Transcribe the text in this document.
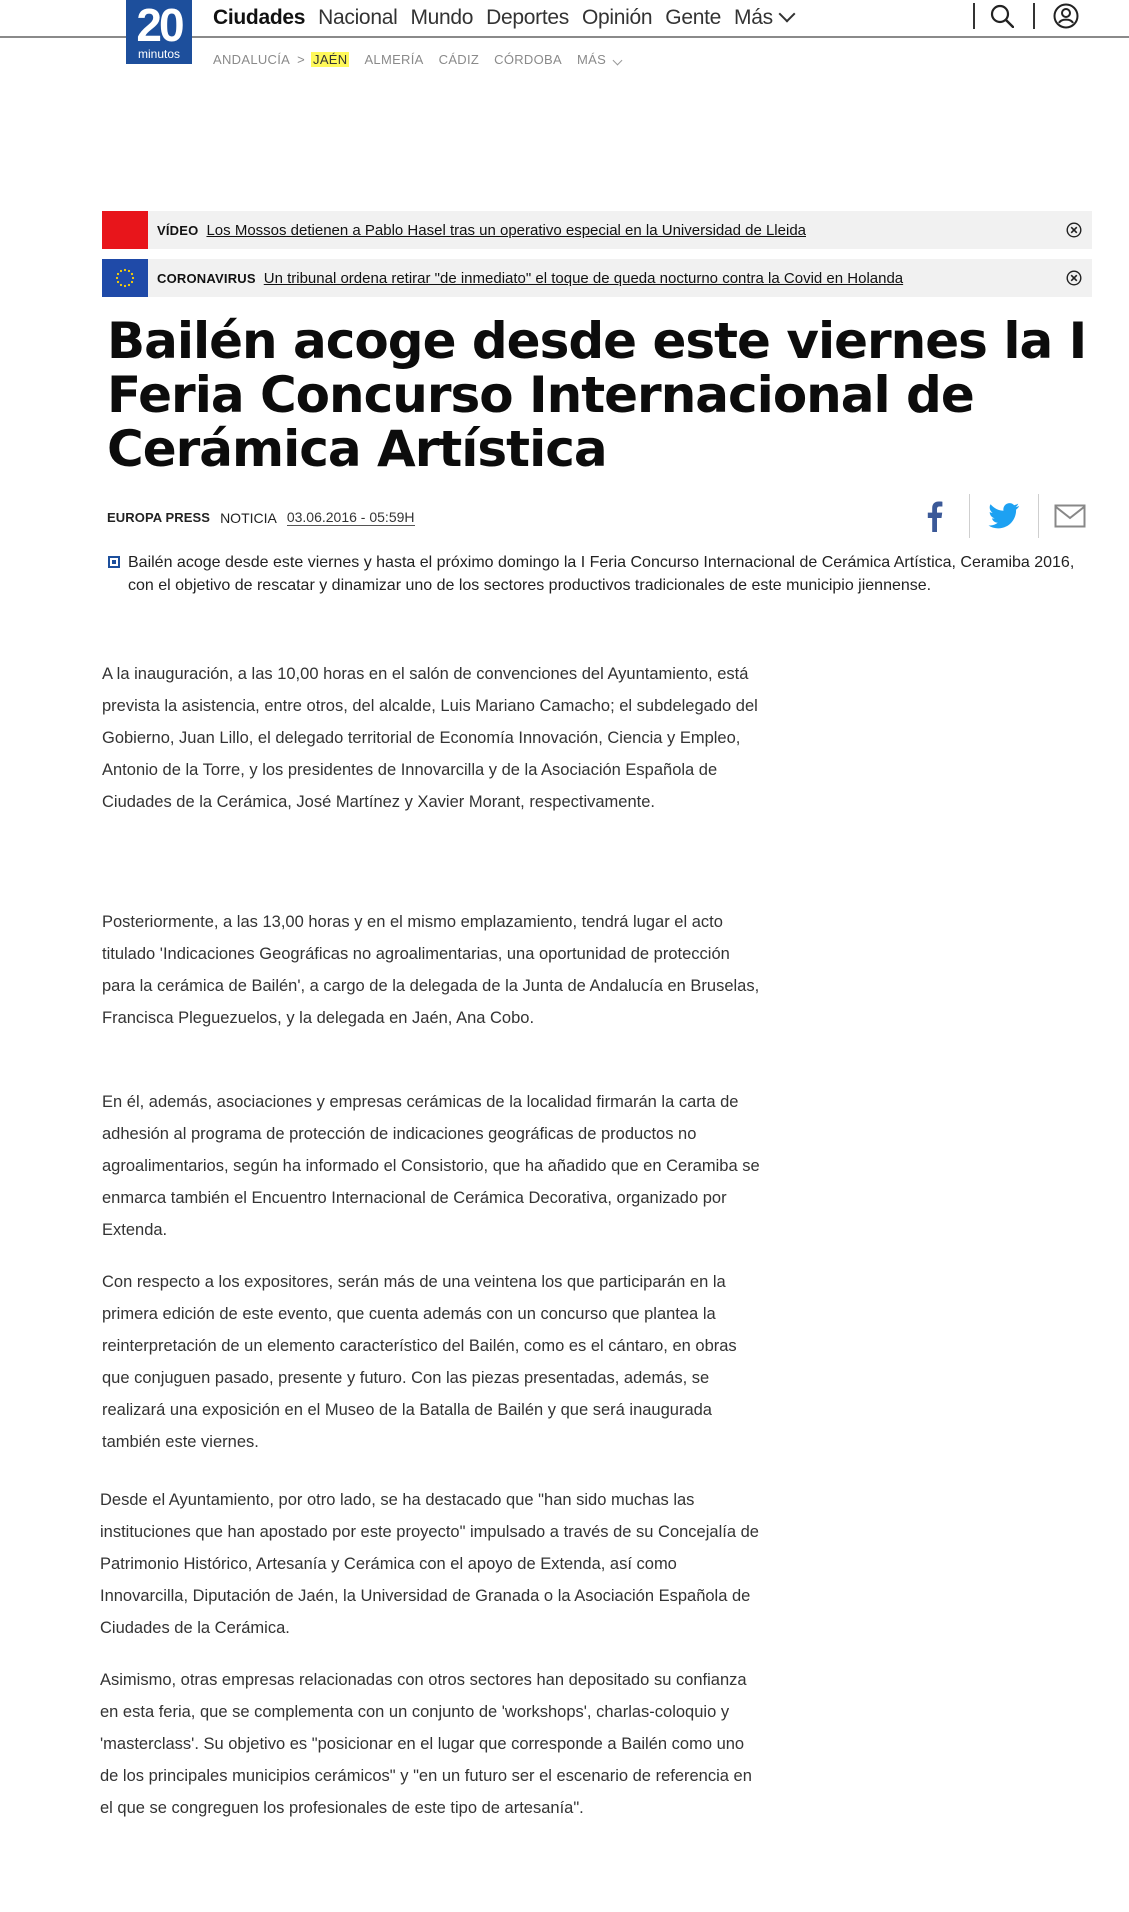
20
minutos
Ciudades Nacional Mundo Deportes Opinión Gente Más
ANDALUCÍA > JAÉN ALMERÍA CÁDIZ CÓRDOBA MÁS
VÍDEO Los Mossos detienen a Pablo Hasel tras un operativo especial en la Universidad de Lleida
CORONAVIRUS Un tribunal ordena retirar "de inmediato" el toque de queda nocturno contra la Covid en Holanda
Bailén acoge desde este viernes la I Feria Concurso Internacional de Cerámica Artística
EUROPA PRESS NOTICIA 03.06.2016 - 05:59H
Bailén acoge desde este viernes y hasta el próximo domingo la I Feria Concurso Internacional de Cerámica Artística, Ceramiba 2016, con el objetivo de rescatar y dinamizar uno de los sectores productivos tradicionales de este municipio jiennense.

A la inauguración, a las 10,00 horas en el salón de convenciones del Ayuntamiento, está prevista la asistencia, entre otros, del alcalde, Luis Mariano Camacho; el subdelegado del Gobierno, Juan Lillo, el delegado territorial de Economía Innovación, Ciencia y Empleo, Antonio de la Torre, y los presidentes de Innovarcilla y de la Asociación Española de Ciudades de la Cerámica, José Martínez y Xavier Morant, respectivamente.

Posteriormente, a las 13,00 horas y en el mismo emplazamiento, tendrá lugar el acto titulado 'Indicaciones Geográficas no agroalimentarias, una oportunidad de protección para la cerámica de Bailén', a cargo de la delegada de la Junta de Andalucía en Bruselas, Francisca Pleguezuelos, y la delegada en Jaén, Ana Cobo.

En él, además, asociaciones y empresas cerámicas de la localidad firmarán la carta de adhesión al programa de protección de indicaciones geográficas de productos no agroalimentarios, según ha informado el Consistorio, que ha añadido que en Ceramiba se enmarca también el Encuentro Internacional de Cerámica Decorativa, organizado por Extenda.

Con respecto a los expositores, serán más de una veintena los que participarán en la primera edición de este evento, que cuenta además con un concurso que plantea la reinterpretación de un elemento característico del Bailén, como es el cántaro, en obras que conjuguen pasado, presente y futuro. Con las piezas presentadas, además, se realizará una exposición en el Museo de la Batalla de Bailén y que será inaugurada también este viernes.

Desde el Ayuntamiento, por otro lado, se ha destacado que "han sido muchas las instituciones que han apostado por este proyecto" impulsado a través de su Concejalía de Patrimonio Histórico, Artesanía y Cerámica con el apoyo de Extenda, así como Innovarcilla, Diputación de Jaén, la Universidad de Granada o la Asociación Española de Ciudades de la Cerámica.

Asimismo, otras empresas relacionadas con otros sectores han depositado su confianza en esta feria, que se complementa con un conjunto de 'workshops', charlas-coloquio y 'masterclass'. Su objetivo es "posicionar en el lugar que corresponde a Bailén como uno de los principales municipios cerámicos" y "en un futuro ser el escenario de referencia en el que se congreguen los profesionales de este tipo de artesanía".
